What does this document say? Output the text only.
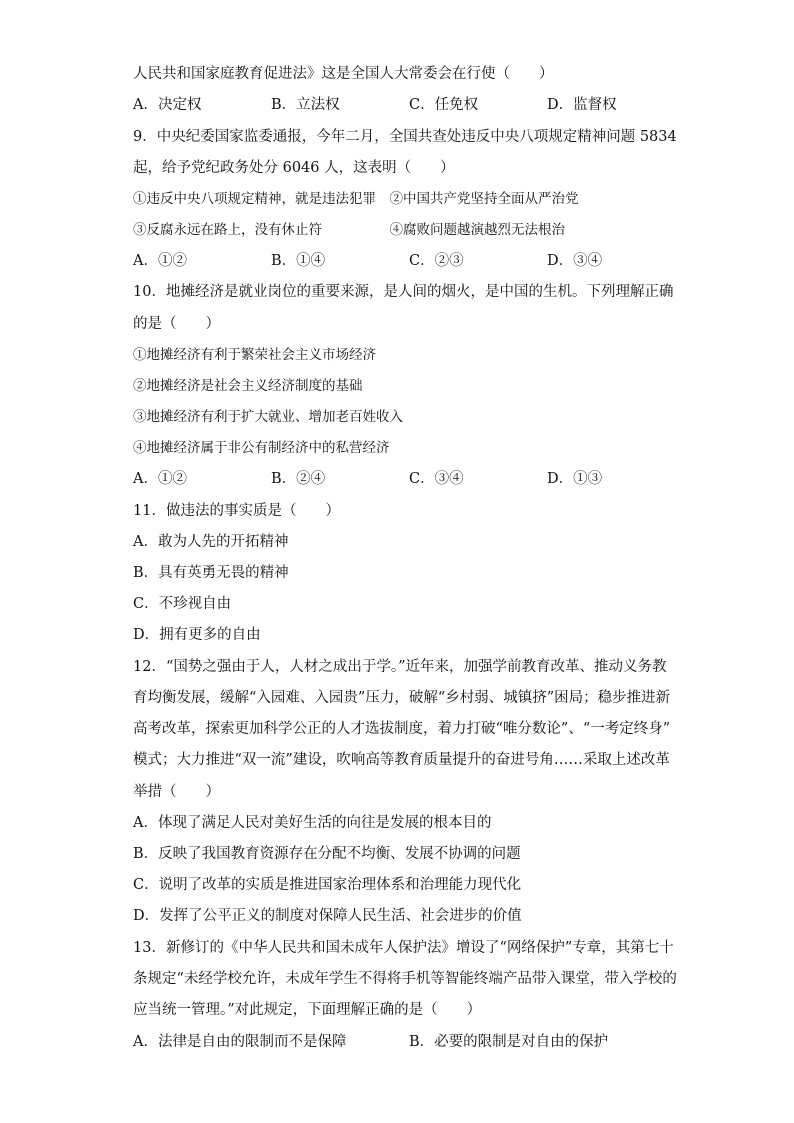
人民共和国家庭教育促进法》这是全国人大常委会在行使（　　）
A．决定权	B．立法权	C．任免权	D．监督权
9．中央纪委国家监委通报，今年二月，全国共查处违反中央八项规定精神问题 5834
起，给予党纪政务处分 6046 人，这表明（　　）
①违反中央八项规定精神，就是违法犯罪　②中国共产党坚持全面从严治党
③反腐永远在路上，没有休止符　　　　　④腐败问题越演越烈无法根治
A．①②	B．①④	C．②③	D．③④
10．地摊经济是就业岗位的重要来源，是人间的烟火，是中国的生机。下列理解正确
的是（　　）
①地摊经济有利于繁荣社会主义市场经济
②地摊经济是社会主义经济制度的基础
③地摊经济有利于扩大就业、增加老百姓收入
④地摊经济属于非公有制经济中的私营经济
A．①②	B．②④	C．③④	D．①③
11．做违法的事实质是（　　）
A．敢为人先的开拓精神
B．具有英勇无畏的精神
C．不珍视自由
D．拥有更多的自由
12．“国势之强由于人，人材之成出于学。”近年来，加强学前教育改革、推动义务教
育均衡发展，缓解“入园难、入园贵”压力，破解“乡村弱、城镇挤”困局；稳步推进新
高考改革，探索更加科学公正的人才选拔制度，着力打破“唯分数论”、“一考定终身”
模式；大力推进“双一流”建设，吹响高等教育质量提升的奋进号角……采取上述改革
举措（　　）
A．体现了满足人民对美好生活的向往是发展的根本目的
B．反映了我国教育资源存在分配不均衡、发展不协调的问题
C．说明了改革的实质是推进国家治理体系和治理能力现代化
D．发挥了公平正义的制度对保障人民生活、社会进步的价值
13．新修订的《中华人民共和国未成年人保护法》增设了“网络保护”专章，其第七十
条规定“未经学校允许，未成年学生不得将手机等智能终端产品带入课堂，带入学校的
应当统一管理。”对此规定，下面理解正确的是（　　）
A．法律是自由的限制而不是保障	B．必要的限制是对自由的保护
